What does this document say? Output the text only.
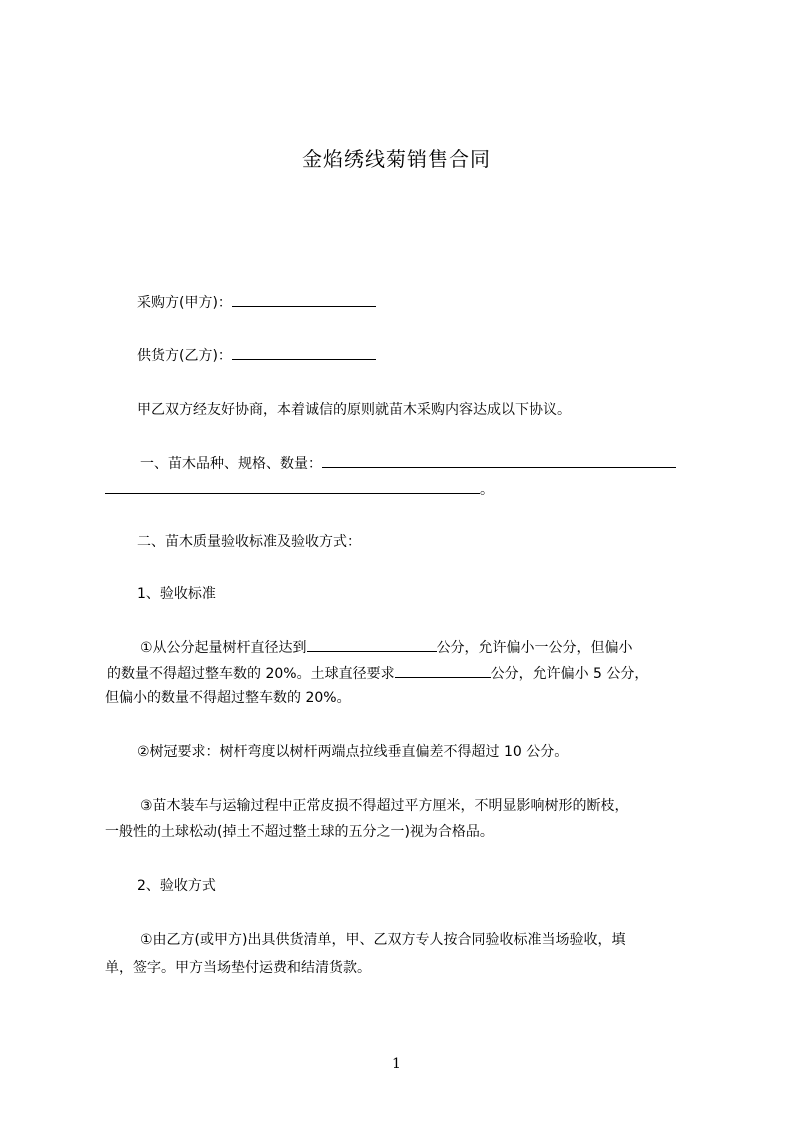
金焰绣线菊销售合同
采购方(甲方)：
供货方(乙方)：
甲乙双方经友好协商，本着诚信的原则就苗木采购内容达成以下协议。
一、苗木品种、规格、数量：
。
二、苗木质量验收标准及验收方式：
1、验收标准
①从公分起量树杆直径达到	公分，允许偏小一公分，但偏小
的数量不得超过整车数的 20%。土球直径要求	公分，允许偏小 5 公分，
但偏小的数量不得超过整车数的 20%。
②树冠要求：树杆弯度以树杆两端点拉线垂直偏差不得超过 10 公分。
③苗木装车与运输过程中正常皮损不得超过平方厘米，不明显影响树形的断枝，
一般性的土球松动(掉土不超过整土球的五分之一)视为合格品。
2、验收方式
①由乙方(或甲方)出具供货清单，甲、乙双方专人按合同验收标准当场验收，填
单，签字。甲方当场垫付运费和结清货款。
1
